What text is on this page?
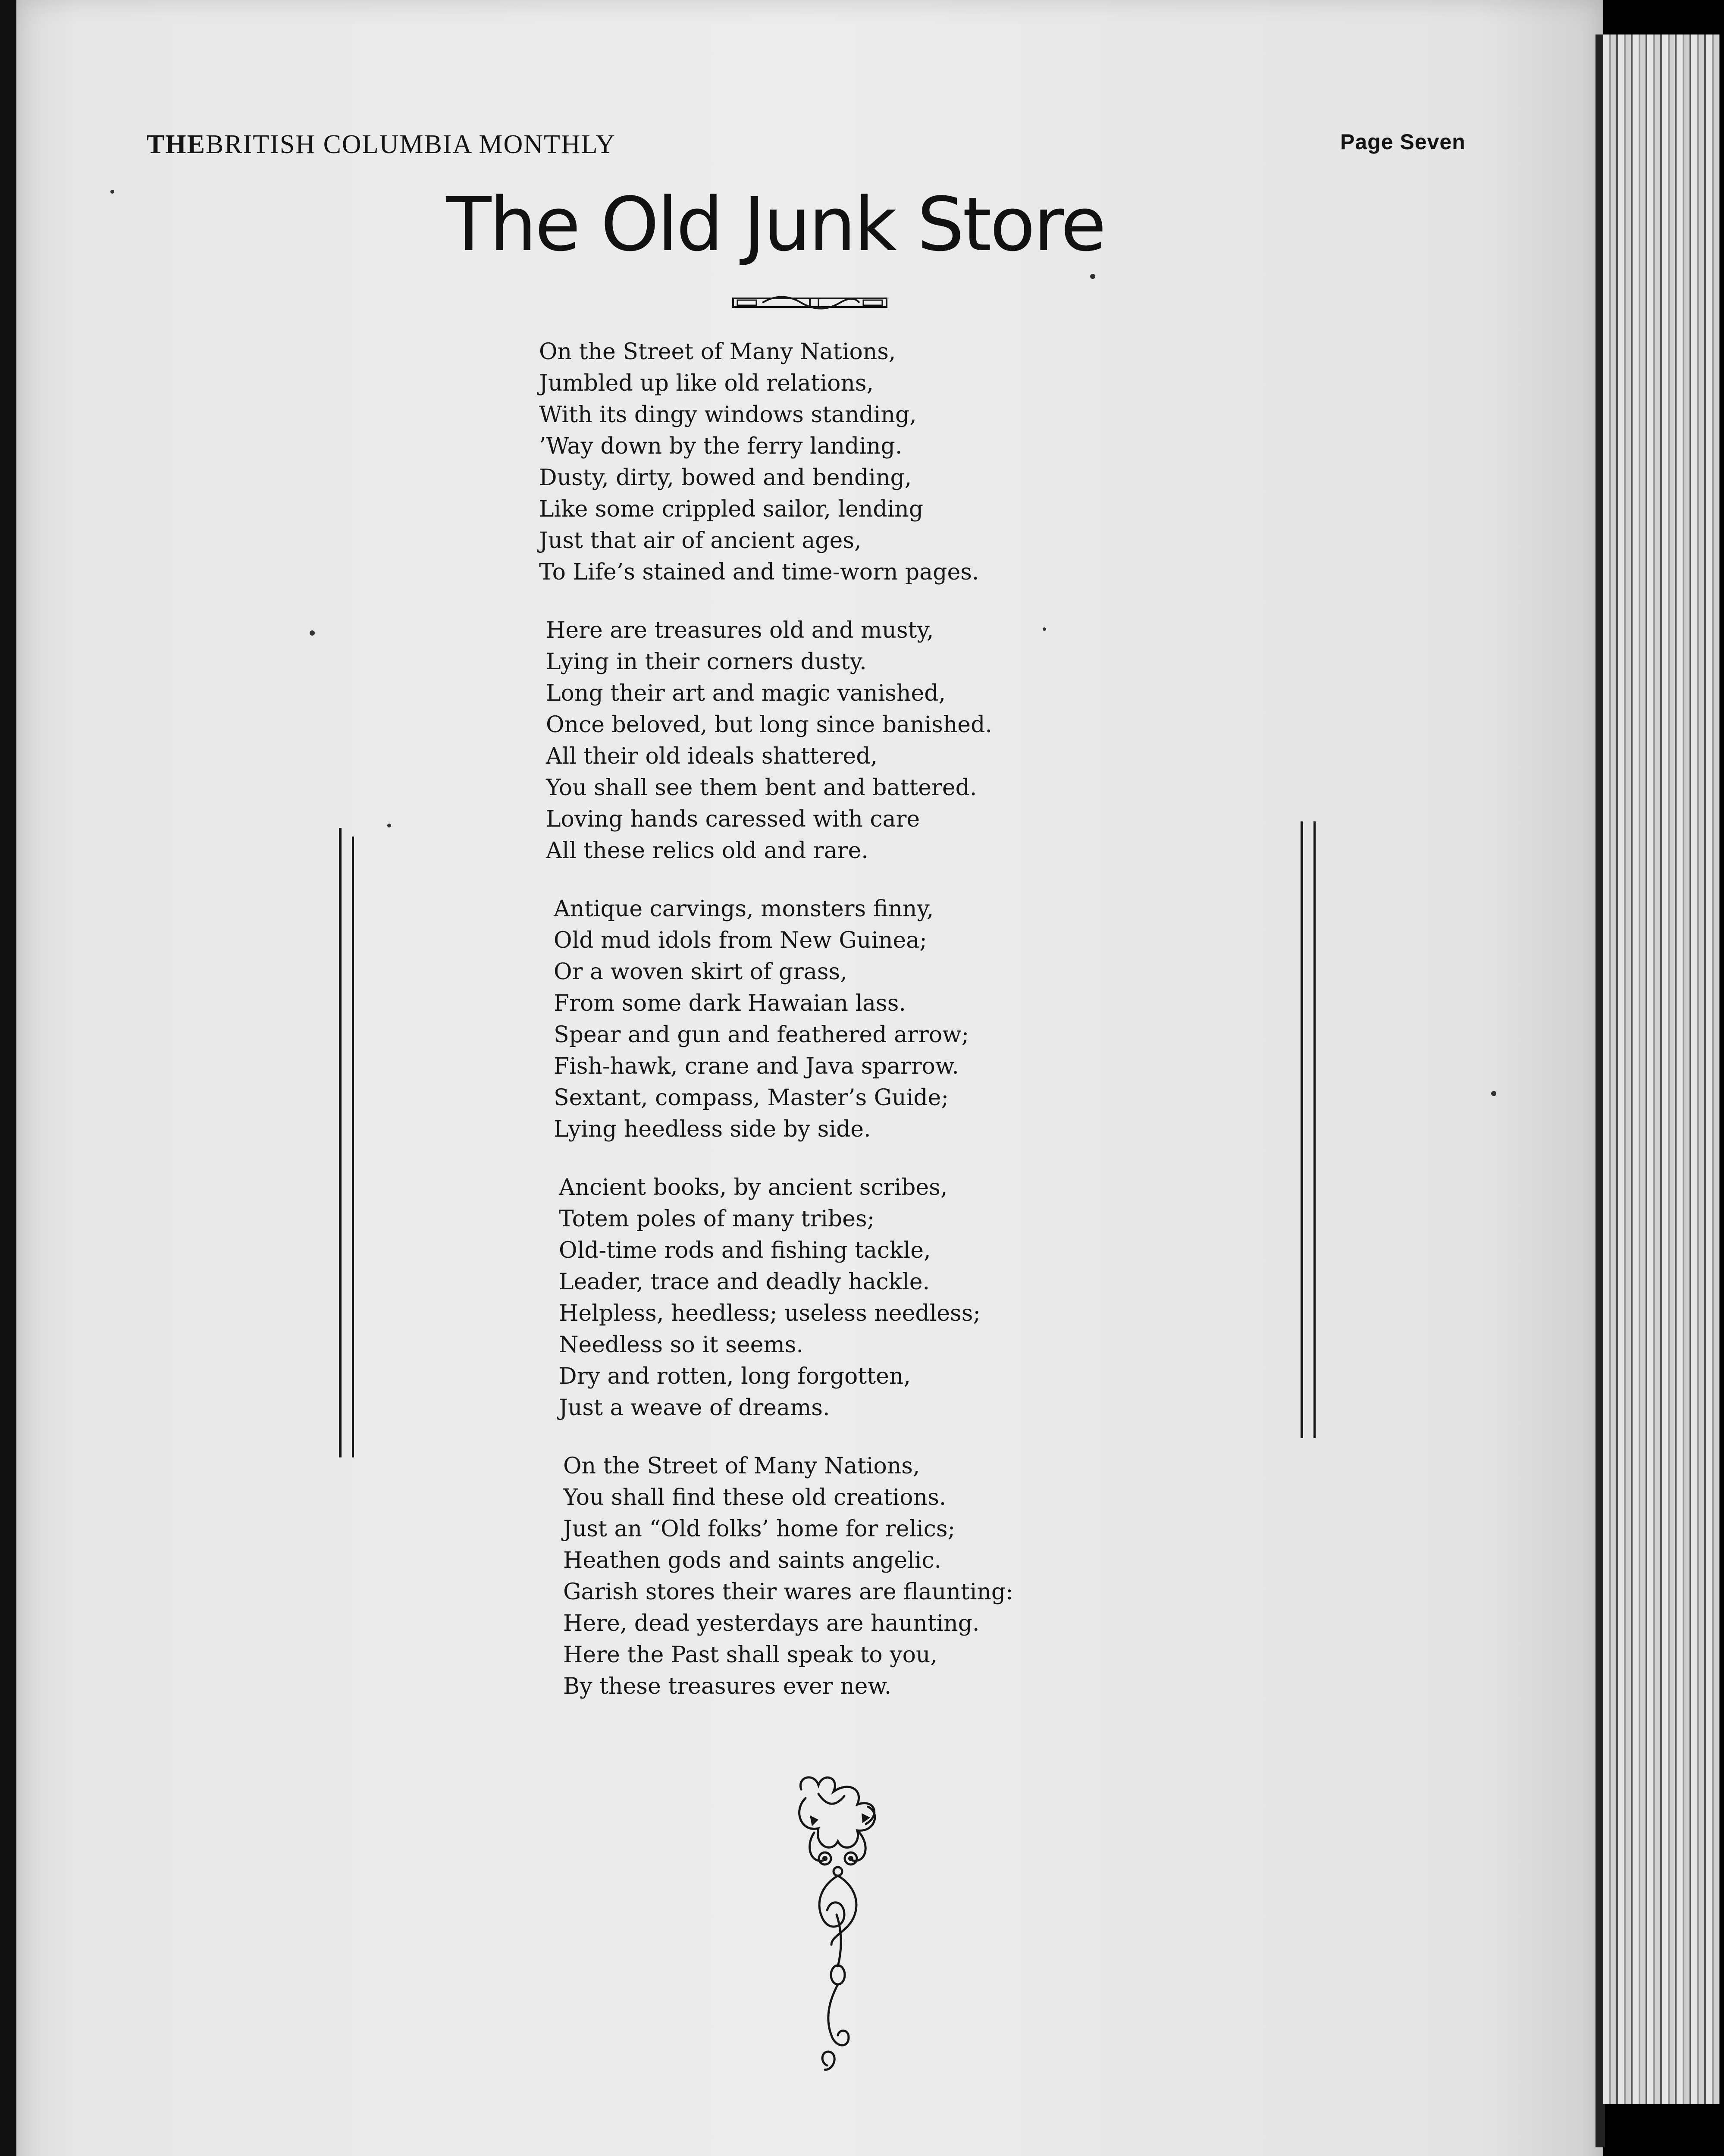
THEBRITISH COLUMBIA MONTHLY	Page Seven
The Old Junk Store
On the Street of Many Nations,
Jumbled up like old relations,
With its dingy windows standing,
’Way down by the ferry landing.
Dusty, dirty, bowed and bending,
Like some crippled sailor, lending
Just that air of ancient ages,
To Life’s stained and time-worn pages.
Here are treasures old and musty,
Lying in their corners dusty.
Long their art and magic vanished,
Once beloved, but long since banished.
All their old ideals shattered,
You shall see them bent and battered.
Loving hands caressed with care
All these relics old and rare.
Antique carvings, monsters finny,
Old mud idols from New Guinea;
Or a woven skirt of grass,
From some dark Hawaian lass.
Spear and gun and feathered arrow;
Fish-hawk, crane and Java sparrow.
Sextant, compass, Master’s Guide;
Lying heedless side by side.
Ancient books, by ancient scribes,
Totem poles of many tribes;
Old-time rods and fishing tackle,
Leader, trace and deadly hackle.
Helpless, heedless; useless needless;
Needless so it seems.
Dry and rotten, long forgotten,
Just a weave of dreams.
On the Street of Many Nations,
You shall find these old creations.
Just an “Old folks’ home for relics;
Heathen gods and saints angelic.
Garish stores their wares are flaunting:
Here, dead yesterdays are haunting.
Here the Past shall speak to you,
By these treasures ever new.
